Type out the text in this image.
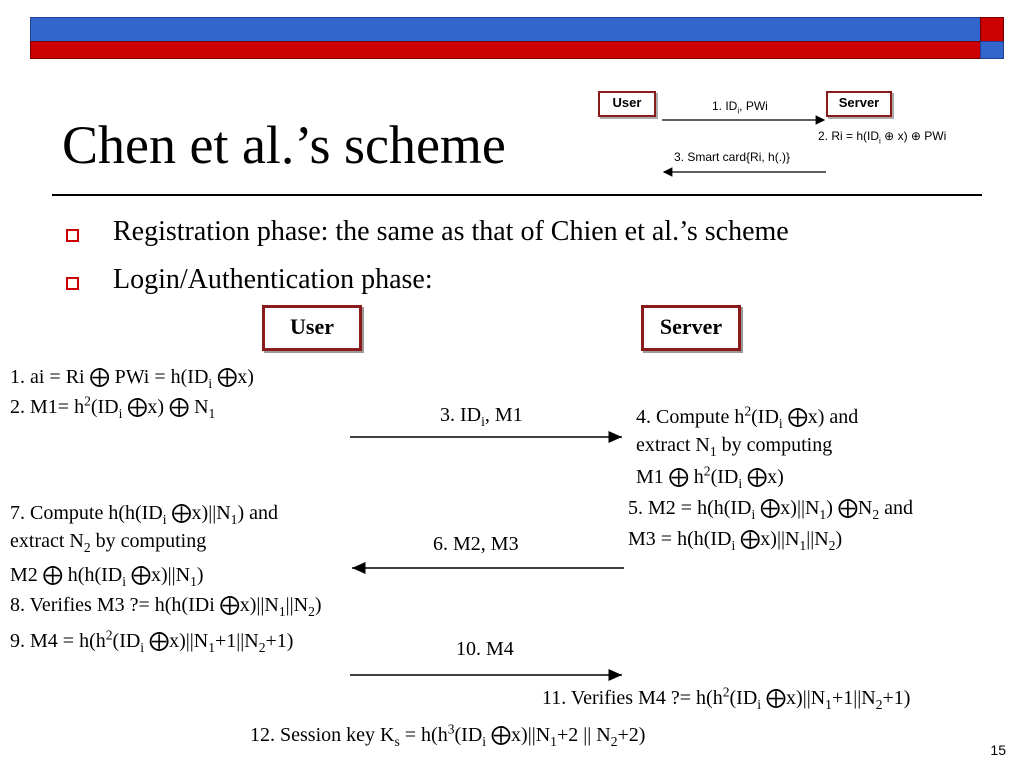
Chen et al.’s scheme
User	Server
1. $ID_i$, PWi
2. $Ri = h(ID_i$ ⊕ x) ⊕ PWi
3. Smart card{Ri, h(.)}
Registration phase: the same as that of Chien et al.’s scheme
Login/Authentication phase:
User	Server
1. ai = Ri ⨁ PWi = $h(ID_i$ ⨁x)
2. $M1= h^2(ID_i$ ⨁x) ⨁ $N_1$
7. Compute $h(h(ID_i$ $⨁x)||N_1$) and
extract $N_2$ by computing
M2 ⨁ $h(h(ID_i$ $⨁x)||N_1$)
8. Verifies M3 ?= h(h(IDi $⨁x)||N_1||N_2$)
9. $M4 = h(h^2(ID_i$ $⨁x)||N_1+1||N_2+1$)
3. $ID_i$, M1
6. M2, M3
10. M4
4. Compute $h^2(ID_i$ ⨁x) and
extract $N_1$ by computing
M1 ⨁ $h^2(ID_i$ ⨁x)
5. $M2 = h(h(ID_i$ $⨁x)||N_1$) $⨁N_2$ and
$M3 = h(h(ID_i$ $⨁x)||N_1||N_2$)
11. Verifies M4 ?= $h(h^2(ID_i$ $⨁x)||N_1+1||N_2+1$)
12. Session key $K_s = h(h^3(ID_i$ $⨁x)||N_1+2$ || $N_2+2$)
15
